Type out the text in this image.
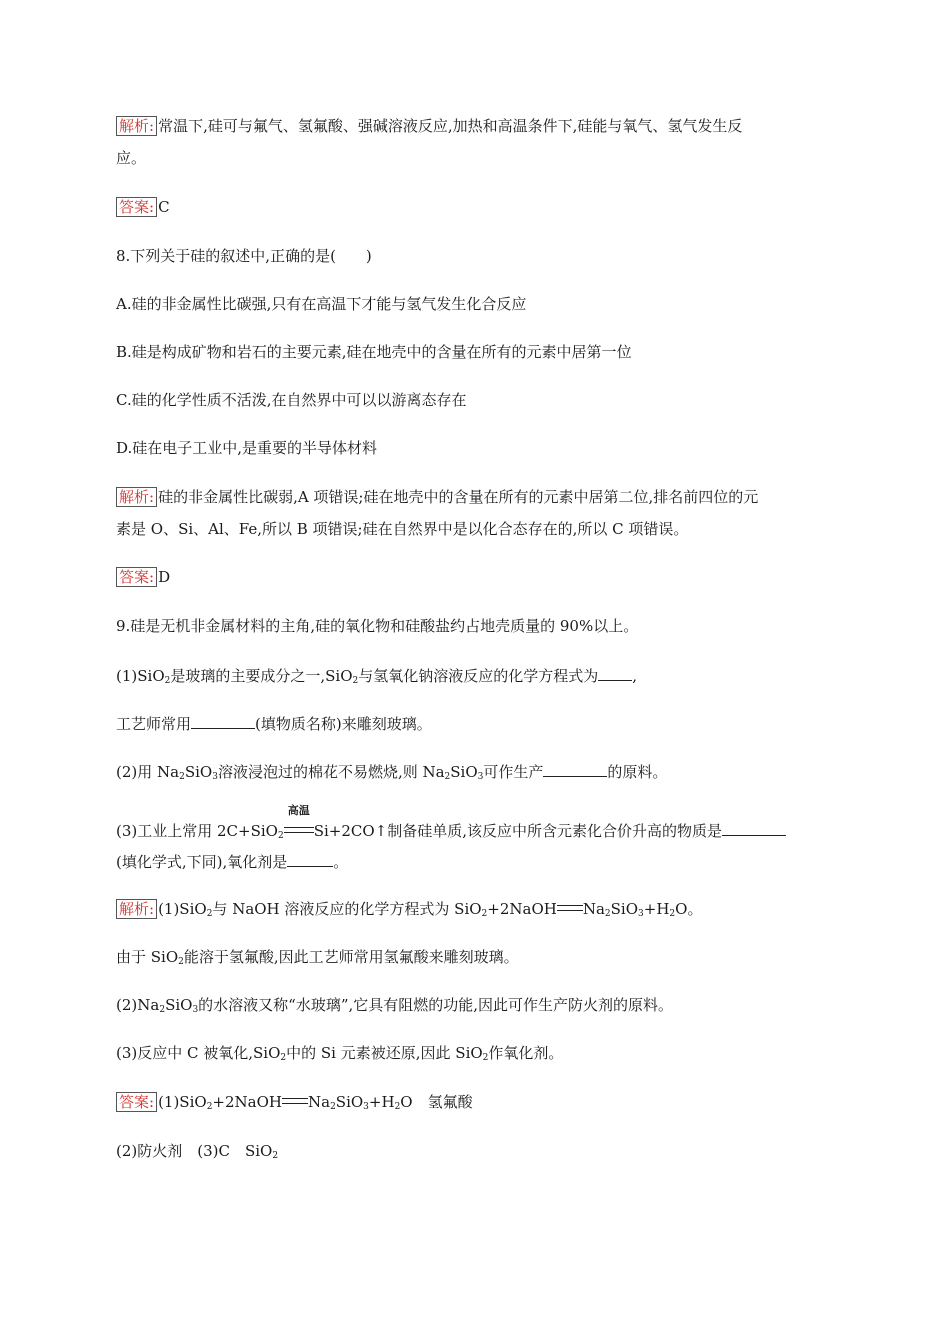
解析: 常温下,硅可与氟气、氢氟酸、强碱溶液反应,加热和高温条件下,硅能与氧气、氢气发生反
应。
答案: C
8.下列关于硅的叙述中,正确的是(　　)
A.硅的非金属性比碳强,只有在高温下才能与氢气发生化合反应
B.硅是构成矿物和岩石的主要元素,硅在地壳中的含量在所有的元素中居第一位
C.硅的化学性质不活泼,在自然界中可以以游离态存在
D.硅在电子工业中,是重要的半导体材料
解析: 硅的非金属性比碳弱,A 项错误;硅在地壳中的含量在所有的元素中居第二位,排名前四位的元
素是 O、Si、Al、Fe,所以 B 项错误;硅在自然界中是以化合态存在的,所以 C 项错误。
答案: D
9.硅是无机非金属材料的主角,硅的氧化物和硅酸盐约占地壳质量的 90%以上。
(1)SiO$_2$是玻璃的主要成分之一,SiO$_2$与氢氧化钠溶液反应的化学方程式为 ,
工艺师常用	(填物质名称)来雕刻玻璃。
(2)用 $Na_2SiO_3$溶液浸泡过的棉花不易燃烧,则 $Na_2SiO_3$可作生产	的原料。
(3)工业上常用 2C+SiO$_2$
高温
Si+2CO↑制备硅单质,该反应中所含元素化合价升高的物质是
(填化学式,下同),氧化剂是	。
解析: (1)SiO$_2$与 NaOH 溶液反应的化学方程式为 SiO$_2$+2NaOH $Na_2SiO_3+H_2O$。
由于 SiO$_2$能溶于氢氟酸,因此工艺师常用氢氟酸来雕刻玻璃。
$(2)Na_2SiO_3$的水溶液又称“水玻璃”,它具有阻燃的功能,因此可作生产防火剂的原料。
(3)反应中 C 被氧化,SiO$_2$中的 Si 元素被还原,因此 SiO$_2$作氧化剂。
答案: (1)SiO$_2$+2NaOH $Na_2SiO_3+H_2O$　氢氟酸
(2)防火剂　(3)C　SiO$_2$
